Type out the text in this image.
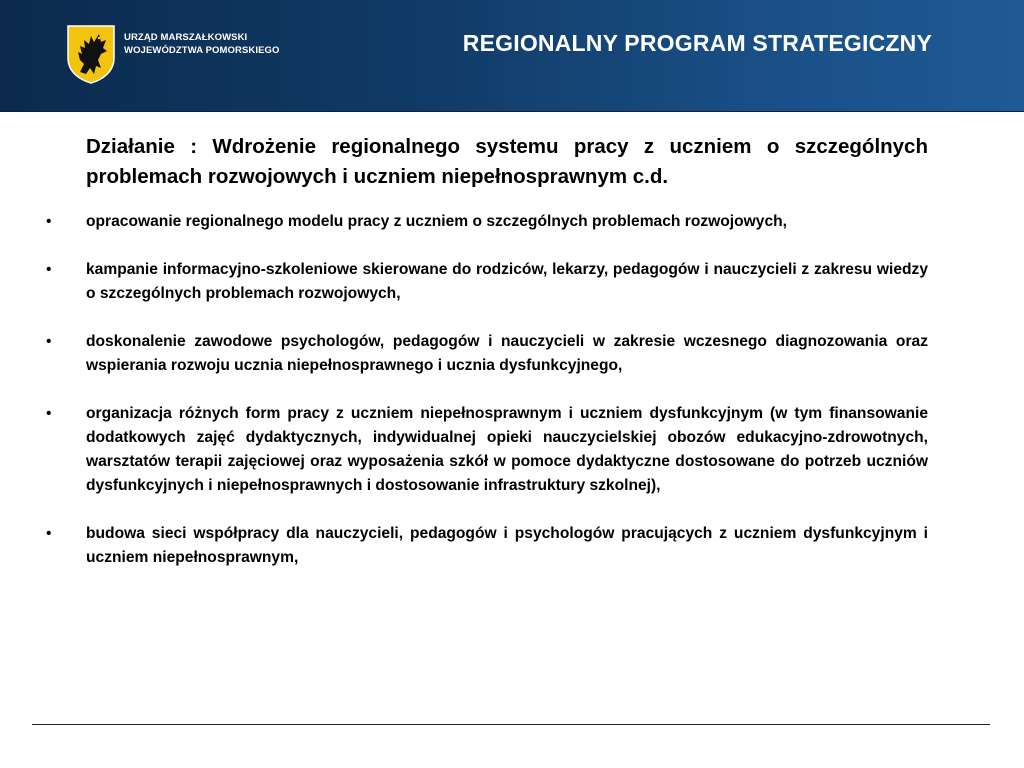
URZĄD MARSZAŁKOWSKI
WOJEWÓDZTWA POMORSKIEGO	REGIONALNY PROGRAM STRATEGICZNY

Działanie : Wdrożenie regionalnego systemu pracy z uczniem o szczególnych problemach rozwojowych i uczniem niepełnosprawnym c.d.

• opracowanie regionalnego modelu pracy z uczniem o szczególnych problemach rozwojowych,
• kampanie informacyjno-szkoleniowe skierowane do rodziców, lekarzy, pedagogów i nauczycieli z zakresu wiedzy o szczególnych problemach rozwojowych,
• doskonalenie zawodowe psychologów, pedagogów i nauczycieli w zakresie wczesnego diagnozowania oraz wspierania rozwoju ucznia niepełnosprawnego i ucznia dysfunkcyjnego,
• organizacja różnych form pracy z uczniem niepełnosprawnym i uczniem dysfunkcyjnym (w tym finansowanie dodatkowych zajęć dydaktycznych, indywidualnej opieki nauczycielskiej obozów edukacyjno-zdrowotnych, warsztatów terapii zajęciowej oraz wyposażenia szkół w pomoce dydaktyczne dostosowane do potrzeb uczniów dysfunkcyjnych i niepełnosprawnych i dostosowanie infrastruktury szkolnej),
• budowa sieci współpracy dla nauczycieli, pedagogów i psychologów pracujących z uczniem dysfunkcyjnym i uczniem niepełnosprawnym,
